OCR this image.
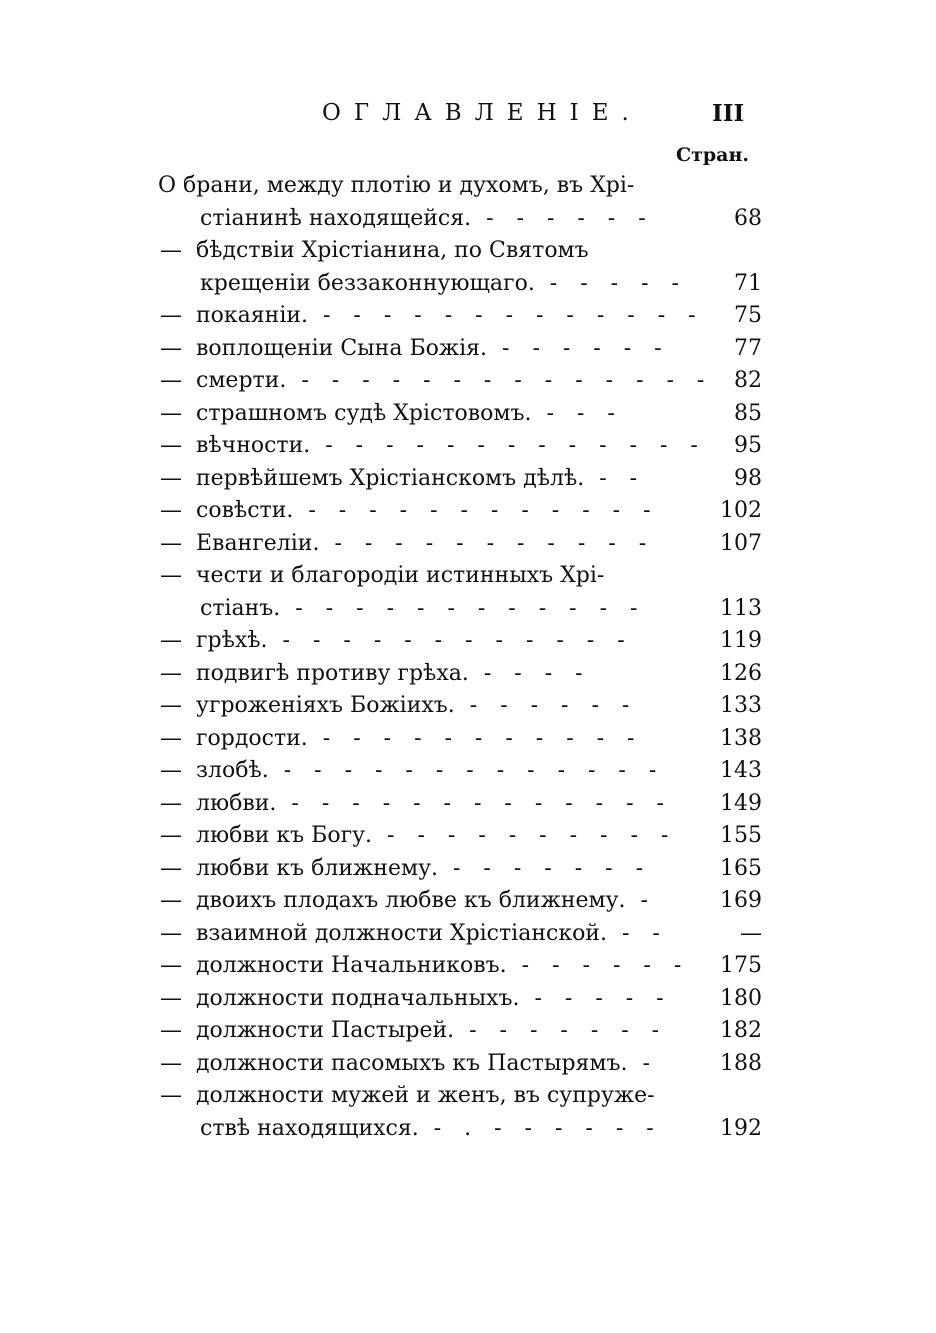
ОГЛАВЛЕНIЕ.	III
Стран.
О брани, между плотію и духомъ, въ Хрі-
стіанинѣ находящейся. - - - - - -	68
— бѣдствіи Хрістіанина, по Святомъ
крещеніи беззаконнующаго. - - - - - 71
— покаяніи. - - - - - - - - - - - - - 75
— воплощеніи Сына Божія. - - - - - -	77
— смерти. - - - - - - - - - - - - - - 82
— страшномъ судѣ Хрістовомъ. - - -	85
— вѣчности. - - - - - - - - - - - - - 95
— первѣйшемъ Хрістіанскомъ дѣлѣ. - -	98
— совѣсти. - - - - - - - - - - - -	102
— Евангеліи. - - - - - - - - - - -	107
— чести и благородіи истинныхъ Хрі-
стіанъ. - - - - - - - - - - - -	113
— грѣхѣ. - - - - - - - - - - - -	119
— подвигѣ противу грѣха. - - - -	126
— угроженіяхъ Божіихъ. - - - - - -	133
— гордости. - - - - - - - - - - -	138
— злобѣ. - - - - - - - - - - - - -	143
— любви. - - - - - - - - - - - - - 149
— любви къ Богу. - - - - - - - - - - 155
— любви къ ближнему. - - - - - - -	165
— двоихъ плодахъ любве къ ближнему. -	169
— взаимной должности Хрістіанской. - -	—
— должности Начальниковъ. - - - - - - 175
— должности подначальныхъ. - - - - - 180
— должности Пастырей. - - - - - - - 182
— должности пасомыхъ къ Пастырямъ. -	188
— должности мужей и женъ, въ супруже-
ствѣ находящихся. - . - - - - - -	192
